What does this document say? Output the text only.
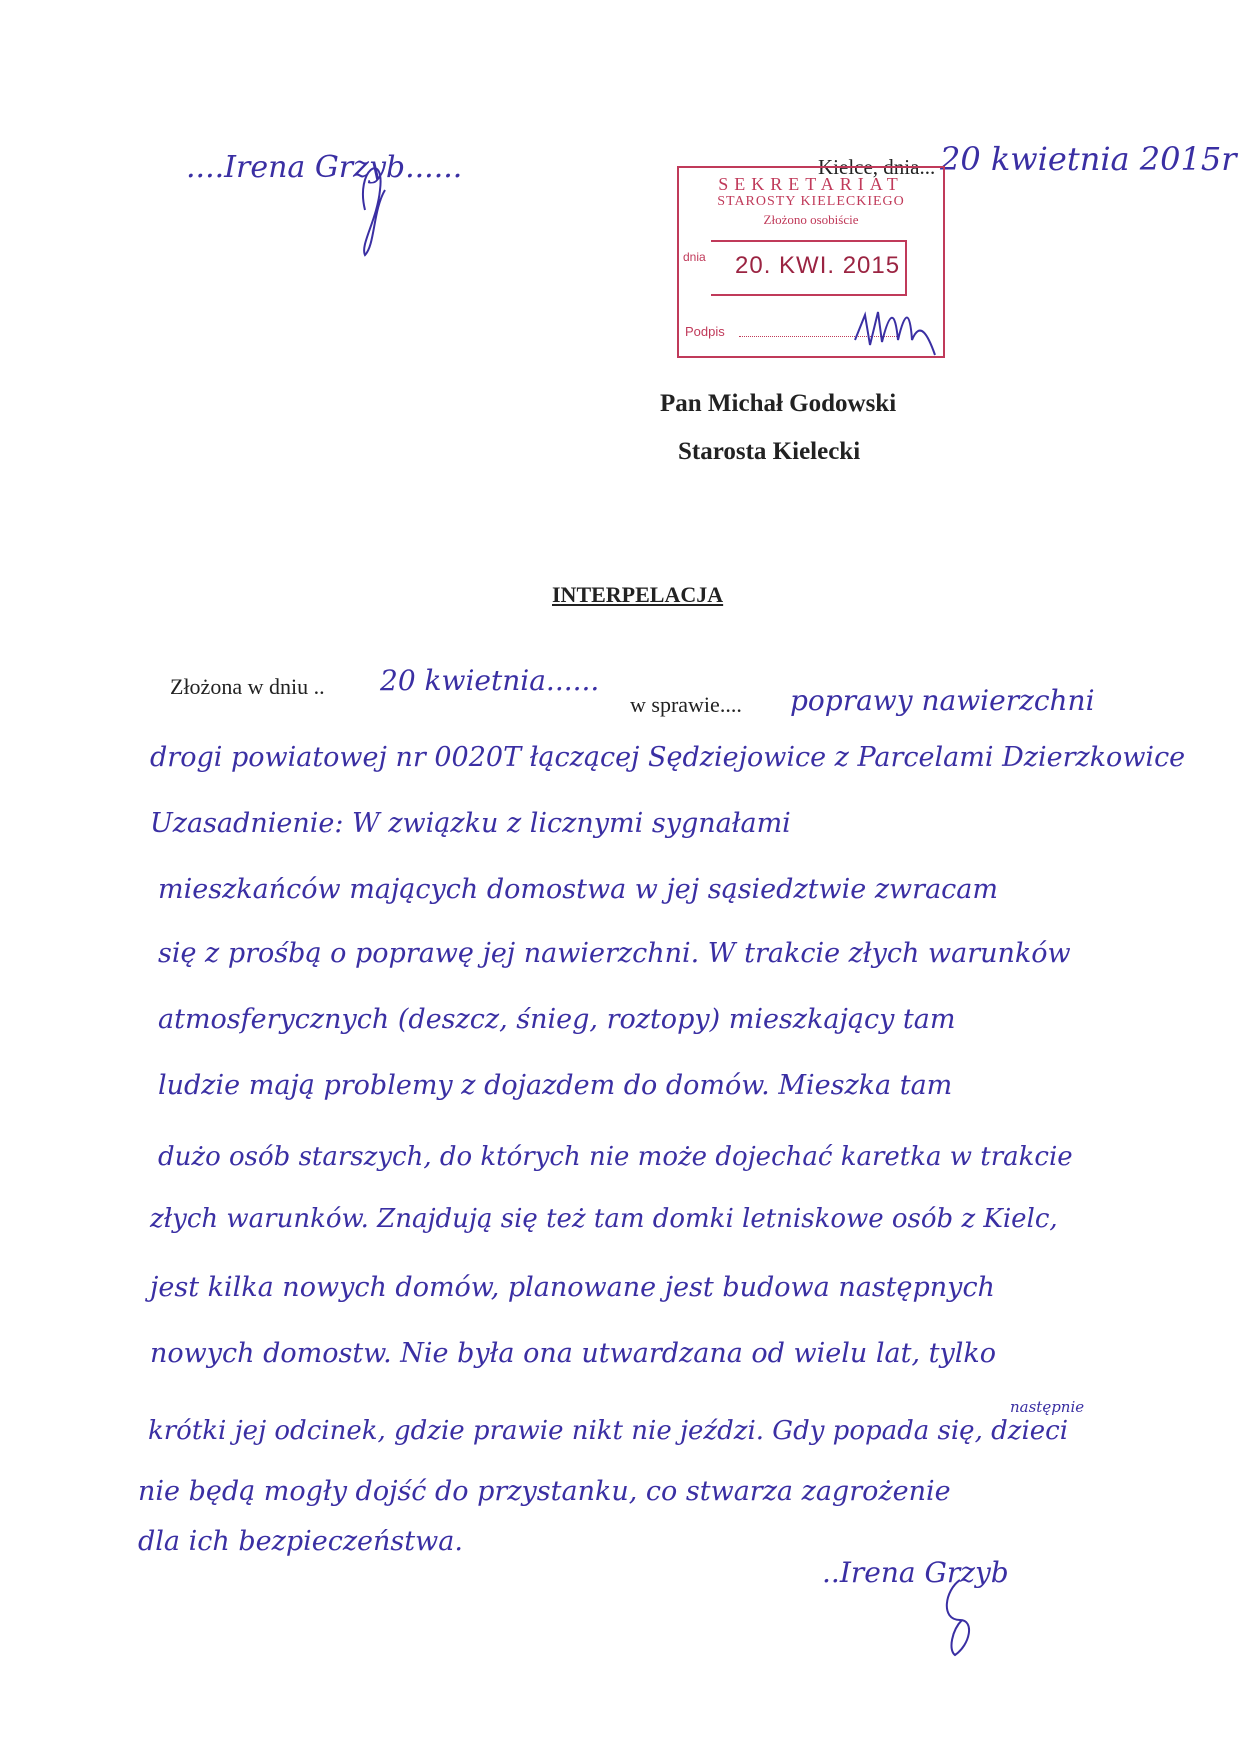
....Irena Grzyb......	Kielce, dnia... 20 kwietnia 2015r
SEKRETARIAT
STAROSTY KIELECKIEGO
Złożono osobiście
dnia 20. KWI. 2015
Podpis
Pan Michał Godowski
Starosta Kielecki
INTERPELACJA
Złożona w dniu .. 20 kwietnia......
w sprawie.... poprawy nawierzchni
drogi powiatowej nr 0020T łączącej Sędziejowice z Parcelami Dzierzkowice
Uzasadnienie: W związku z licznymi sygnałami
mieszkańców mających domostwa w jej sąsiedztwie zwracam
się z prośbą o poprawę jej nawierzchni. W trakcie złych warunków
atmosferycznych (deszcz, śnieg, roztopy) mieszkający tam
ludzie mają problemy z dojazdem do domów. Mieszka tam
dużo osób starszych, do których nie może dojechać karetka w trakcie
złych warunków. Znajdują się też tam domki letniskowe osób z Kielc,
jest kilka nowych domów, planowane jest budowa następnych
nowych domostw. Nie była ona utwardzana od wielu lat, tylko
następnie
krótki jej odcinek, gdzie prawie nikt nie jeździ. Gdy popada się, dzieci
nie będą mogły dojść do przystanku, co stwarza zagrożenie
dla ich bezpieczeństwa.
..Irena Grzyb
